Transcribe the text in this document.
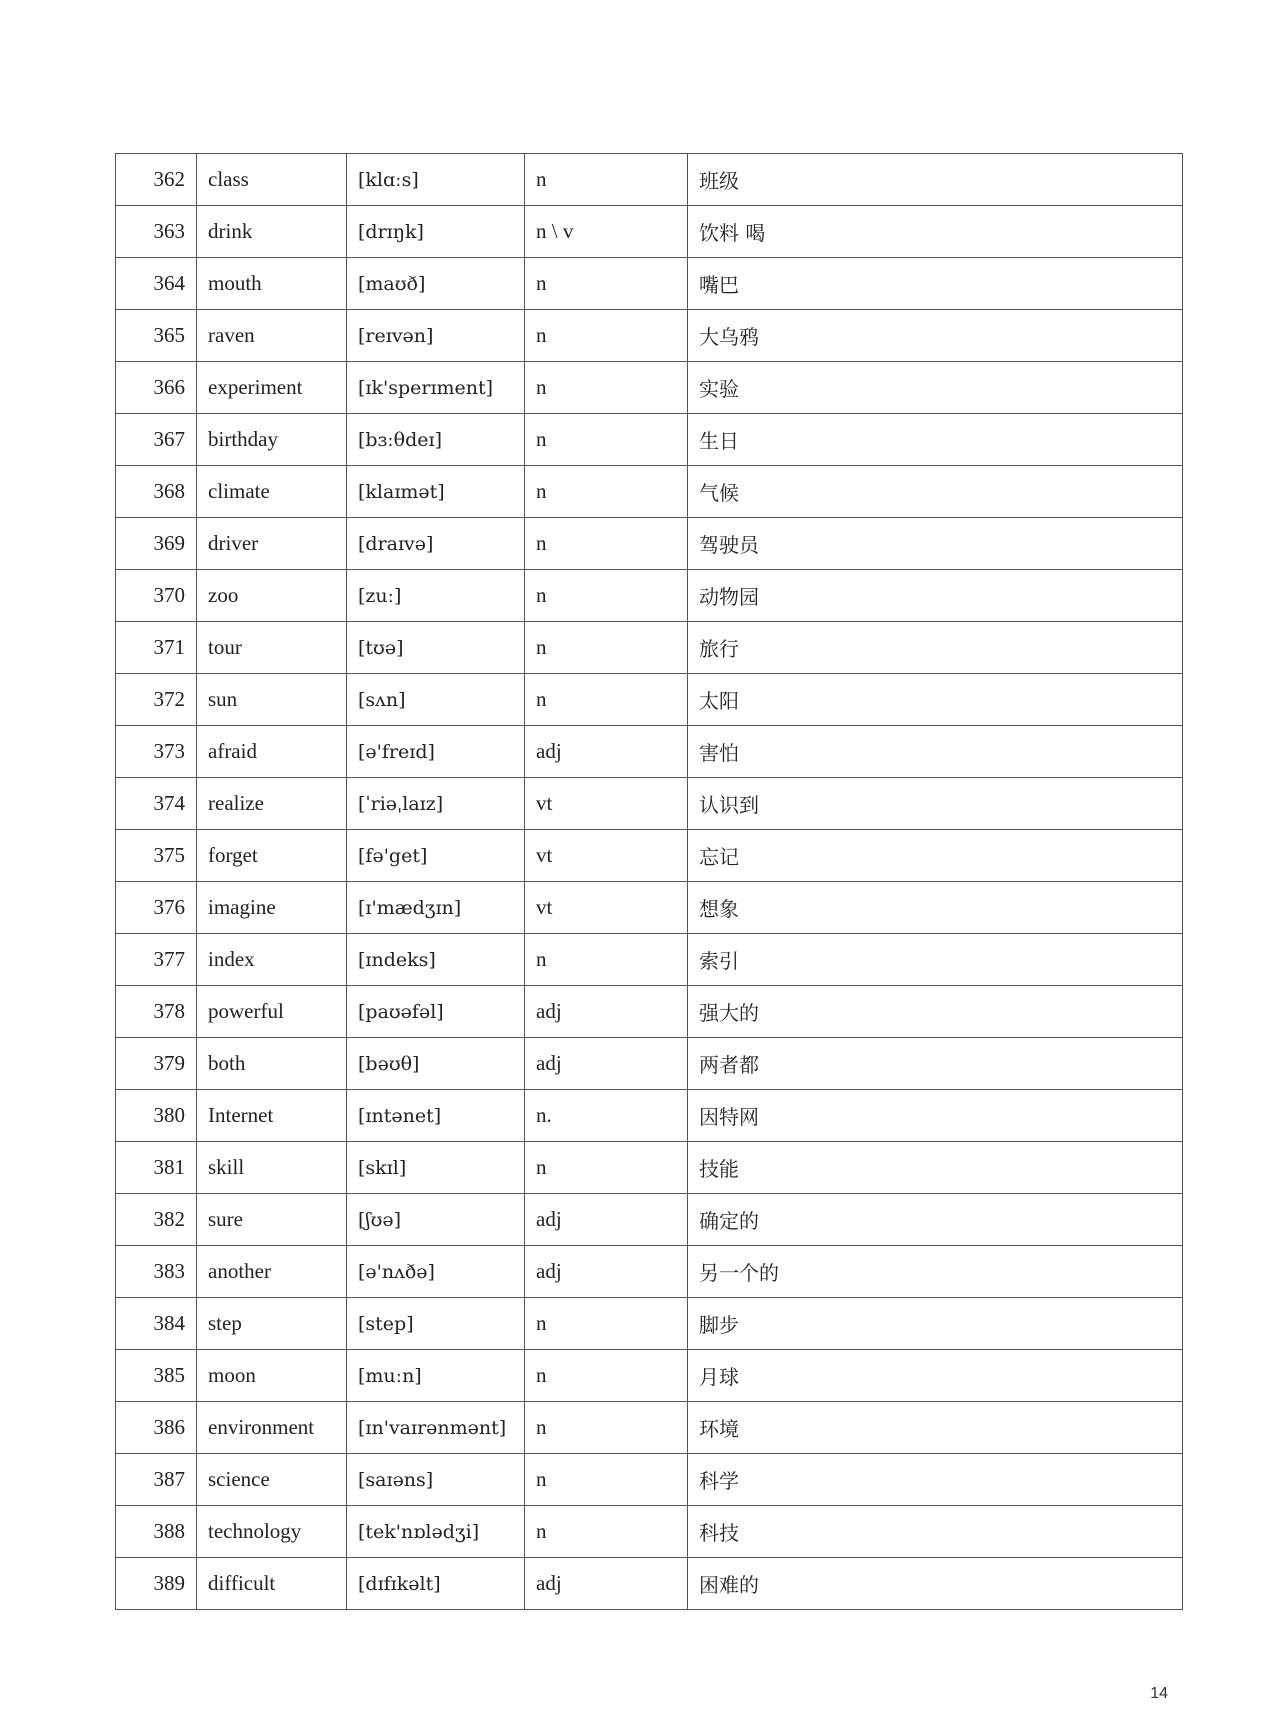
362	class	[klɑːs]	n	班级
363	drink	[drɪŋk]	n \ v	饮料 喝
364	mouth	[maʊð]	n	嘴巴
365	raven	[reɪvən]	n	大乌鸦
366	experiment	[ɪk'sperɪment]	n	实验
367	birthday	[bɜːθdeɪ]	n	生日
368	climate	[klaɪmət]	n	气候
369	driver	[draɪvə]	n	驾驶员
370	zoo	[zuː]	n	动物园
371	tour	[tʊə]	n	旅行
372	sun	[sʌn]	n	太阳
373	afraid	[ə'freɪd]	adj	害怕
374	realize	[ˈriəˌlaɪz]	vt	认识到
375	forget	[fə'get]	vt	忘记
376	imagine	[ɪ'mædʒɪn]	vt	想象
377	index	[ɪndeks]	n	索引
378	powerful	[paʊəfəl]	adj	强大的
379	both	[bəʊθ]	adj	两者都
380	Internet	[ɪntənet]	n.	因特网
381	skill	[skɪl]	n	技能
382	sure	[ʃʊə]	adj	确定的
383	another	[ə'nʌðə]	adj	另一个的
384	step	[step]	n	脚步
385	moon	[muːn]	n	月球
386	environment	[ɪn'vaɪrənmənt]	n	环境
387	science	[saɪəns]	n	科学
388	technology	[tek'nɒlədʒi]	n	科技
389	difficult	[dɪfɪkəlt]	adj	困难的
14
